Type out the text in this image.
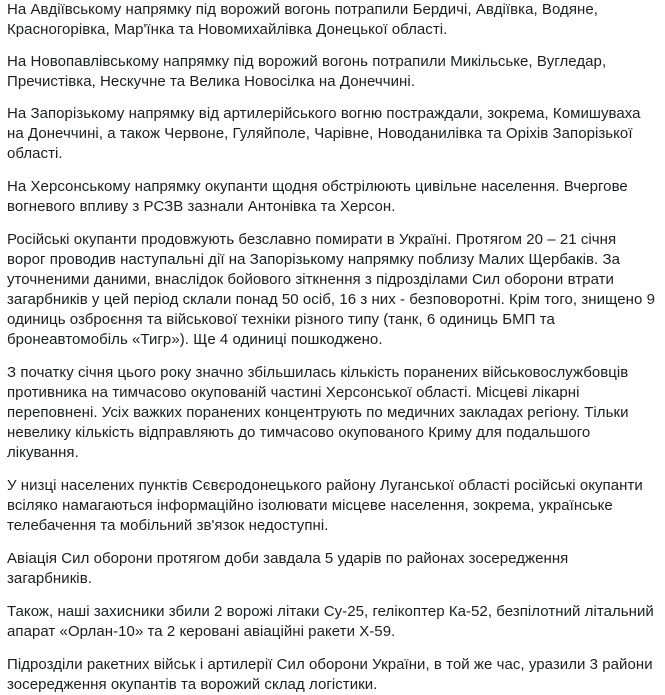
На Авдіївському напрямку під ворожий вогонь потрапили Бердичі, Авдіївка, Водяне, Красногорівка, Мар'їнка та Новомихайлівка Донецької області.

На Новопавлівському напрямку під ворожий вогонь потрапили Микільське, Вугледар, Пречистівка, Нескучне та Велика Новосілка на Донеччині.

На Запорізькому напрямку від артилерійського вогню постраждали, зокрема, Комишуваха на Донеччині, а також Червоне, Гуляйполе, Чарівне, Новоданилівка та Оріхів Запорізької області.

На Херсонському напрямку окупанти щодня обстрілюють цивільне населення. Вчергове вогневого впливу з РСЗВ зазнали Антонівка та Херсон.

Російські окупанти продовжують безславно помирати в Україні. Протягом 20 – 21 січня ворог проводив наступальні дії на Запорізькому напрямку поблизу Малих Щербаків. За уточненими даними, внаслідок бойового зіткнення з підрозділами Сил оборони втрати загарбників у цей період склали понад 50 осіб, 16 з них - безповоротні. Крім того, знищено 9 одиниць озброєння та військової техніки різного типу (танк, 6 одиниць БМП та бронеавтомобіль «Тигр»). Ще 4 одиниці пошкоджено.

З початку січня цього року значно збільшилась кількість поранених військовослужбовців противника на тимчасово окупованій частині Херсонської області. Місцеві лікарні переповнені. Усіх важких поранених концентрують по медичних закладах регіону. Тільки невелику кількість відправляють до тимчасово окупованого Криму для подальшого лікування.

У низці населених пунктів Сєвєродонецького району Луганської області російські окупанти всіляко намагаються інформаційно ізолювати місцеве населення, зокрема, українське телебачення та мобільний зв'язок недоступні.

Авіація Сил оборони протягом доби завдала 5 ударів по районах зосередження загарбників.

Також, наші захисники збили 2 ворожі літаки Су-25, гелікоптер Ка-52, безпілотний літальний апарат «Орлан-10» та 2 керовані авіаційні ракети Х-59.

Підрозділи ракетних військ і артилерії Сил оборони України, в той же час, уразили 3 райони зосередження окупантів та ворожий склад логістики.
